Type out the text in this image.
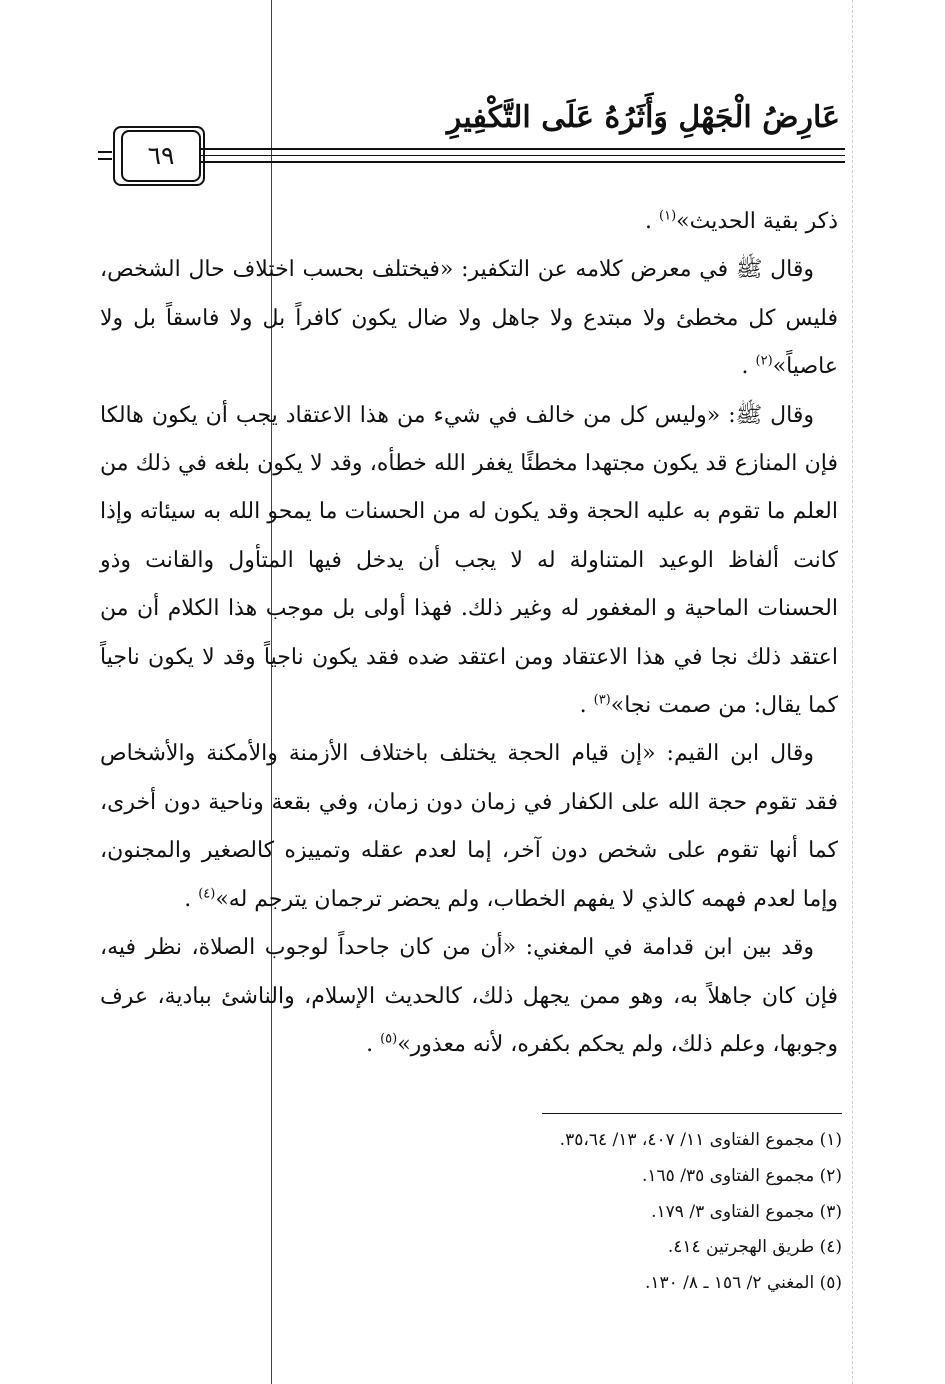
عَارِضُ الْجَهْلِ وَأَثَرُهُ عَلَى التَّكْفِيرِ
٦٩

ذكر بقية الحديث»$^{(١)}$ .

وقال ﷺ في معرض كلامه عن التكفير: «فيختلف بحسب اختلاف حال الشخص، فليس كل مخطئ ولا مبتدع ولا جاهل ولا ضال يكون كافراً بل ولا فاسقاً بل ولا عاصياً»$^{(٢)}$ .

وقال ﷺ: «وليس كل من خالف في شيء من هذا الاعتقاد يجب أن يكون هالكا فإن المنازع قد يكون مجتهدا مخطئًا يغفر الله خطأه، وقد لا يكون بلغه في ذلك من العلم ما تقوم به عليه الحجة وقد يكون له من الحسنات ما يمحو الله به سيئاته وإذا كانت ألفاظ الوعيد المتناولة له لا يجب أن يدخل فيها المتأول والقانت وذو الحسنات الماحية و المغفور له وغير ذلك. فهذا أولى بل موجب هذا الكلام أن من اعتقد ذلك نجا في هذا الاعتقاد ومن اعتقد ضده فقد يكون ناجياً وقد لا يكون ناجياً كما يقال: من صمت نجا»$^{(٣)}$ .

وقال ابن القيم: «إن قيام الحجة يختلف باختلاف الأزمنة والأمكنة والأشخاص فقد تقوم حجة الله على الكفار في زمان دون زمان، وفي بقعة وناحية دون أخرى، كما أنها تقوم على شخص دون آخر، إما لعدم عقله وتمييزه كالصغير والمجنون، وإما لعدم فهمه كالذي لا يفهم الخطاب، ولم يحضر ترجمان يترجم له»$^{(٤)}$ .

وقد بين ابن قدامة في المغني: «أن من كان جاحداً لوجوب الصلاة، نظر فيه، فإن كان جاهلاً به، وهو ممن يجهل ذلك، كالحديث الإسلام، والناشئ ببادية، عرف وجوبها، وعلم ذلك، ولم يحكم بكفره، لأنه معذور»$^{(٥)}$ .

(١) مجموع الفتاوى ١١/ ٤٠٧، ١٣/ ٣٥،٦٤.
(٢) مجموع الفتاوى ٣٥/ ١٦٥.
(٣) مجموع الفتاوى ٣/ ١٧٩.
(٤) طريق الهجرتين ٤١٤.
(٥) المغني ٢/ ١٥٦ ـ ٨/ ١٣٠.
